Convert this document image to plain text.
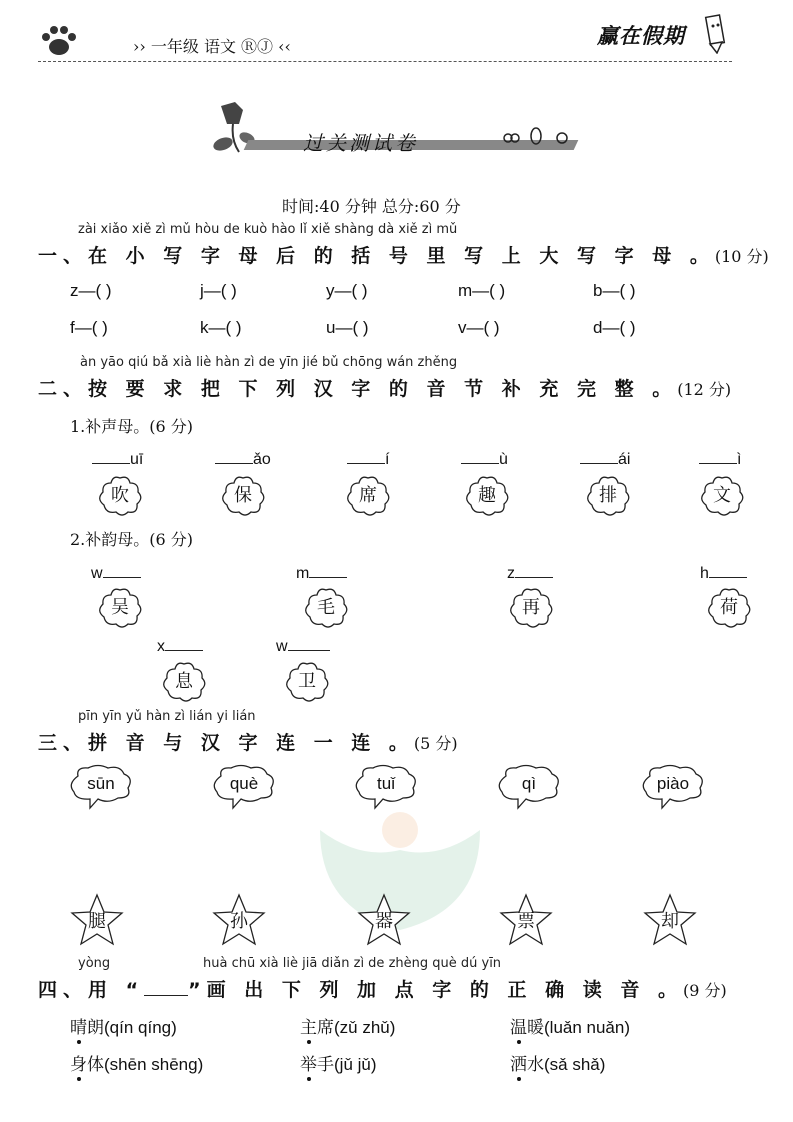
›› 一年级 语文 ⓇⒿ ‹‹	赢在假期
过关测试卷
时间:40 分钟 总分:60 分
zài xiǎo xiě zì mǔ hòu de kuò hào lǐ xiě shàng dà xiě zì mǔ
一、在 小 写 字 母 后 的 括 号 里 写 上 大 写 字 母 。(10 分)
z—( )	j—( )	y—( )	m—( )	b—( )
f—( )	k—( )	u—( )	v—( )	d—( )
àn yāo qiú bǎ xià liè hàn zì de yīn jié bǔ chōng wán zhěng
二、按 要 求 把 下 列 汉 字 的 音 节 补 充 完 整 。(12 分)
1.补声母。(6 分)
uī	ǎo	í	ù	ái	ì
吹	保	席	趣	排	文
2.补韵母。(6 分)
w	m	z	h
吴	毛	再	荷
x	w
息	卫
pīn yīn yǔ hàn zì lián yi lián
三、拼 音 与 汉 字 连 一 连 。(5 分)
sūn	què	tuǐ	qì	piào
腿	孙	器	票	却
yòng	huà chū xià liè jiā diǎn zì de zhèng què dú yīn
四、用 “ ”画 出 下 列 加 点 字 的 正 确 读 音 。(9 分)
晴朗(qín qíng)	主席(zǔ zhǔ)	温暖(luǎn nuǎn)
身体(shēn shēng)	举手(jǔ jǔ)	洒水(sǎ shǎ)
